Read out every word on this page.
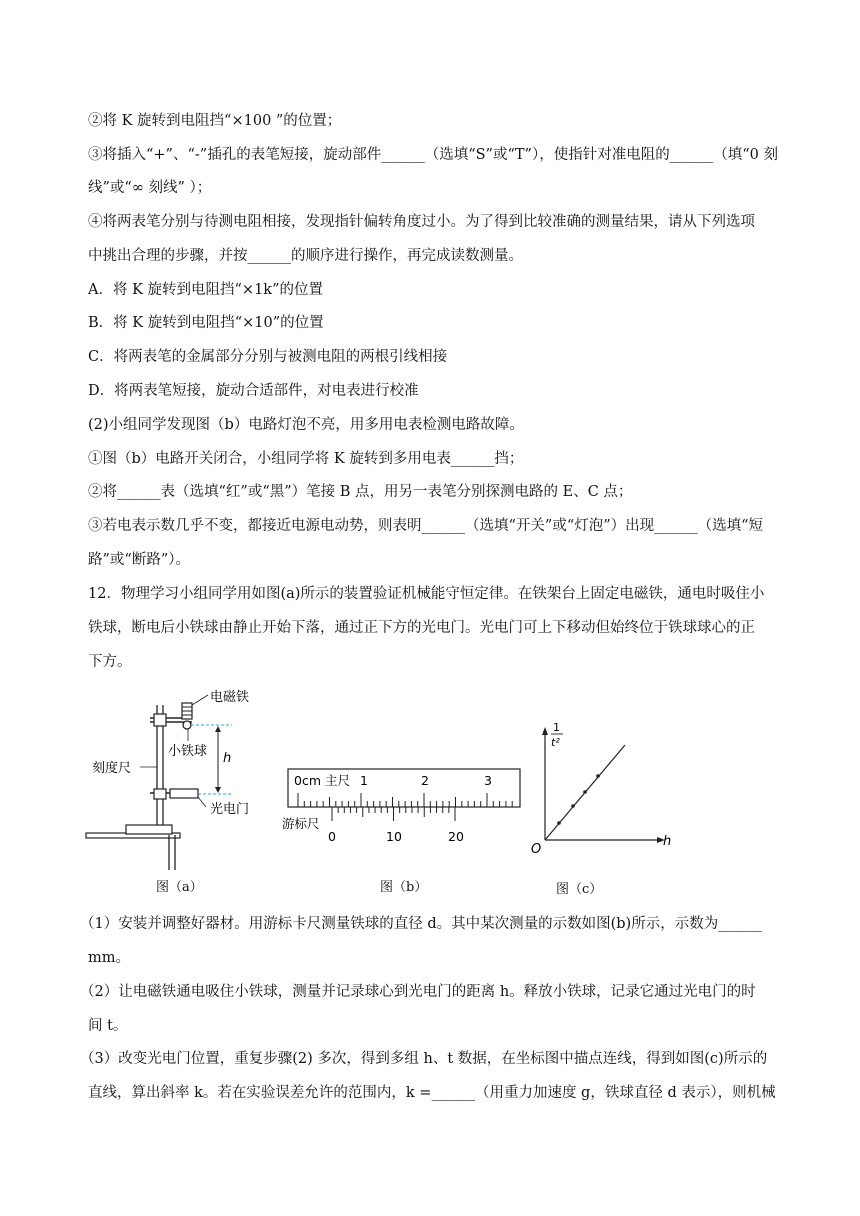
②将 K 旋转到电阻挡“×100 ”的位置；
③将插入“+”、“-”插孔的表笔短接，旋动部件______（选填“S”或“T”），使指针对准电阻的______（填“0 刻
线”或“∞ 刻线” ）；
④将两表笔分别与待测电阻相接，发现指针偏转角度过小。为了得到比较准确的测量结果，请从下列选项
中挑出合理的步骤，并按______的顺序进行操作，再完成读数测量。
A．将 K 旋转到电阻挡“×1k”的位置
B．将 K 旋转到电阻挡“×10”的位置
C．将两表笔的金属部分分别与被测电阻的两根引线相接
D．将两表笔短接，旋动合适部件，对电表进行校准
(2)小组同学发现图（b）电路灯泡不亮，用多用电表检测电路故障。
①图（b）电路开关闭合，小组同学将 K 旋转到多用电表______挡；
②将______表（选填“红”或“黑”）笔接 B 点，用另一表笔分别探测电路的 E、C 点；
③若电表示数几乎不变，都接近电源电动势，则表明______（选填“开关”或“灯泡”）出现______（选填“短
路”或“断路”）。
12．物理学习小组同学用如图(a)所示的装置验证机械能守恒定律。在铁架台上固定电磁铁，通电时吸住小
铁球，断电后小铁球由静止开始下落，通过正下方的光电门。光电门可上下移动但始终位于铁球球心的正
下方。
电磁铁
小铁球
刻度尺
光电门
h
图（a）
0cm 主尺 1	2	3
游标尺
0	10	20
图（b）
1
t²
h
O
图（c）
（1）安装并调整好器材。用游标卡尺测量铁球的直径 d。其中某次测量的示数如图(b)所示，示数为______
mm。
（2）让电磁铁通电吸住小铁球，测量并记录球心到光电门的距离 h。释放小铁球，记录它通过光电门的时
间 t。
（3）改变光电门位置，重复步骤(2) 多次，得到多组 h、t 数据，在坐标图中描点连线，得到如图(c)所示的
直线，算出斜率 k。若在实验误差允许的范围内，k =______（用重力加速度 g，铁球直径 d 表示），则机械
